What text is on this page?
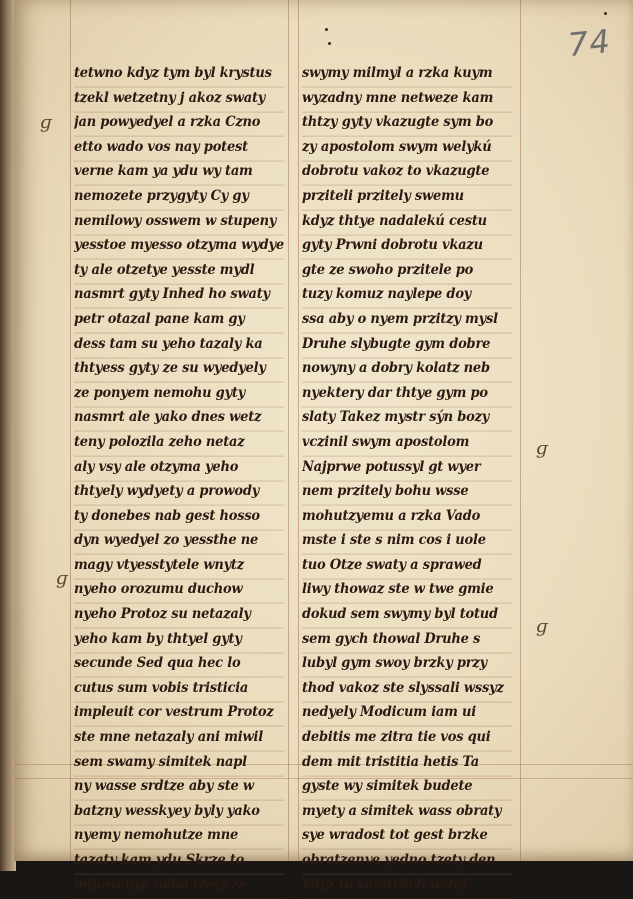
74
ɡ
ɡ
ɡ
ɡ
tetwno kdyz tym byl krystus
tzekl wetzetny j akoz swaty
jan powyedyel a rzka Czno
etto wado vos nay potest
verne kam ya ydu wy tam
nemozete przygyty Cy gy
nemilowy osswem w stupeny
yesstoe myesso otzyma wydye
ty ale otzetye yesste mydl
nasmrt gyty Inhed ho swaty
petr otazal pane kam gy
dess tam su yeho tazaly ka
thtyess gyty ze su wyedyely
ze ponyem nemohu gyty
nasmrt ale yako dnes wetz
teny polozila zeho netaz
aly vsy ale otzyma yeho
thtyely wydyety a prowody
ty donebes nab gest hosso
dyn wyedyel zo yessthe ne
magy vtyesstytele wnytz
nyeho orozumu duchow
nyeho Protoz su netazaly
yeho kam by thtyel gyty
secunde Sed qua hec lo
cutus sum vobis tristicia
impleuit cor vestrum Protoz
ste mne netazaly ani miwil
sem swamy simitek napl
ny wasse srdtze aby ste w
batzny wesskyey byly yako
nyemy nemohutze mne
tazaty kam ydu Skrze to
milowenye nebo tzetz ze
swymy milmyl a rzka kuym
wyzadny mne netweze kam
thtzy gyty vkazugte sym bo
zy apostolom swym welykú
dobrotu vakoz to vkazugte
prziteli przitely swemu
kdyz thtye nadalekú cestu
gyty Prwni dobrotu vkazu
gte ze swoho przitele po
tuzy komuz naylepe doy
ssa aby o nyem przitzy mysl
Druhe slybugte gym dobre
nowyny a dobry kolatz neb
nyektery dar thtye gym po
slaty Takez mystr sýn bozy
vczinil swym apostolom
Najprwe potussyl gt wyer
nem przitely bohu wsse
mohutzyemu a rzka Vado
mste i ste s nim cos i uole
tuo Otze swaty a sprawed
liwy thowaz ste w twe gmie
dokud sem swymy byl totud
sem gych thowal Druhe s
lubyl gym swoy brzky przy
thod vakoz ste slyssali wssyz
nedyely Modicum iam ui
debitis me zitra tie vos qui
dem mit tristitia hetis Ta
gyste wy simitek budete
myety a simitek wass obraty
sye wradost tot gest brzke
obratzenye yedno tzety den
kdyz to sumtwich wstal
